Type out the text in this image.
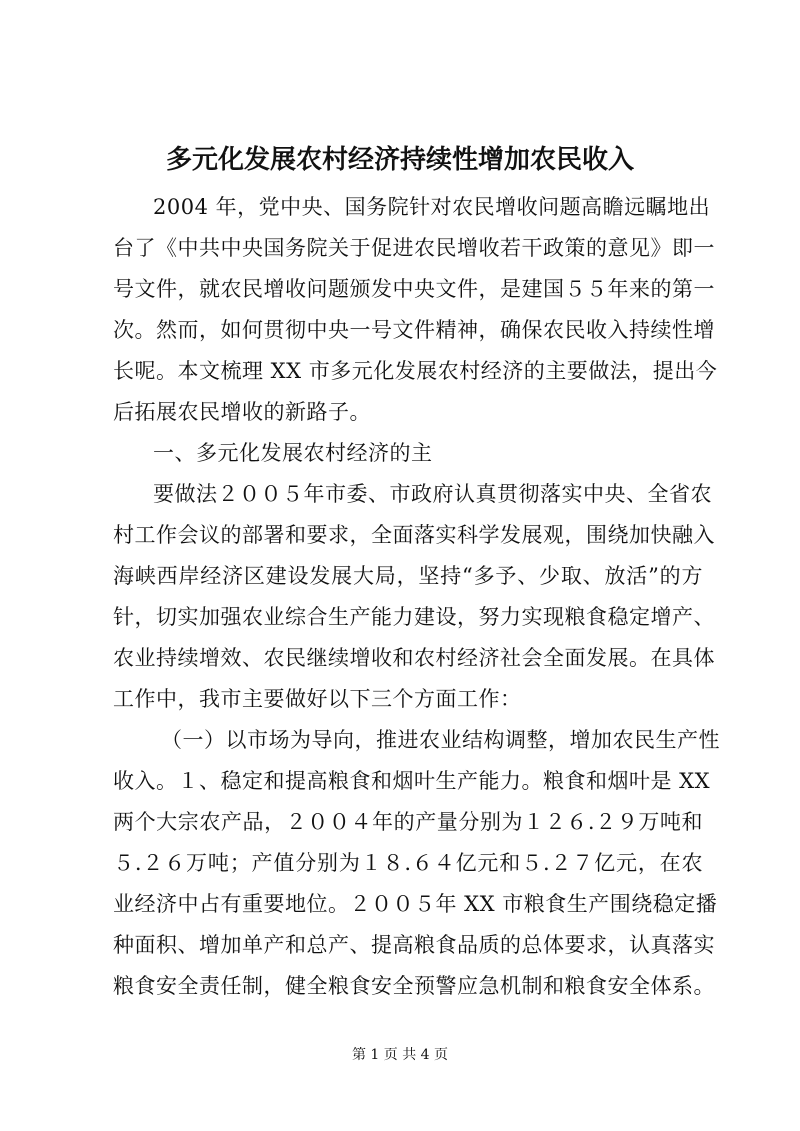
多元化发展农村经济持续性增加农民收入

2004 年，党中央、国务院针对农民增收问题高瞻远瞩地出

台了《中共中央国务院关于促进农民增收若干政策的意见》即一

号文件，就农民增收问题颁发中央文件，是建国５５年来的第一

次。然而，如何贯彻中央一号文件精神，确保农民收入持续性增

长呢。本文梳理 XX 市多元化发展农村经济的主要做法，提出今

后拓展农民增收的新路子。

一、多元化发展农村经济的主

要做法２００５年市委、市政府认真贯彻落实中央、全省农

村工作会议的部署和要求，全面落实科学发展观，围绕加快融入

海峡西岸经济区建设发展大局，坚持“多予、少取、放活”的方

针，切实加强农业综合生产能力建设，努力实现粮食稳定增产、

农业持续增效、农民继续增收和农村经济社会全面发展。在具体

工作中，我市主要做好以下三个方面工作：

（一）以市场为导向，推进农业结构调整，增加农民生产性

收入。１、稳定和提高粮食和烟叶生产能力。粮食和烟叶是 XX

两个大宗农产品，２００４年的产量分别为１２６.２９万吨和

５.２６万吨；产值分别为１８.６４亿元和５.２７亿元，在农

业经济中占有重要地位。２００５年 XX 市粮食生产围绕稳定播

种面积、增加单产和总产、提高粮食品质的总体要求，认真落实

粮食安全责任制，健全粮食安全预警应急机制和粮食安全体系。

第 1 页 共 4 页
